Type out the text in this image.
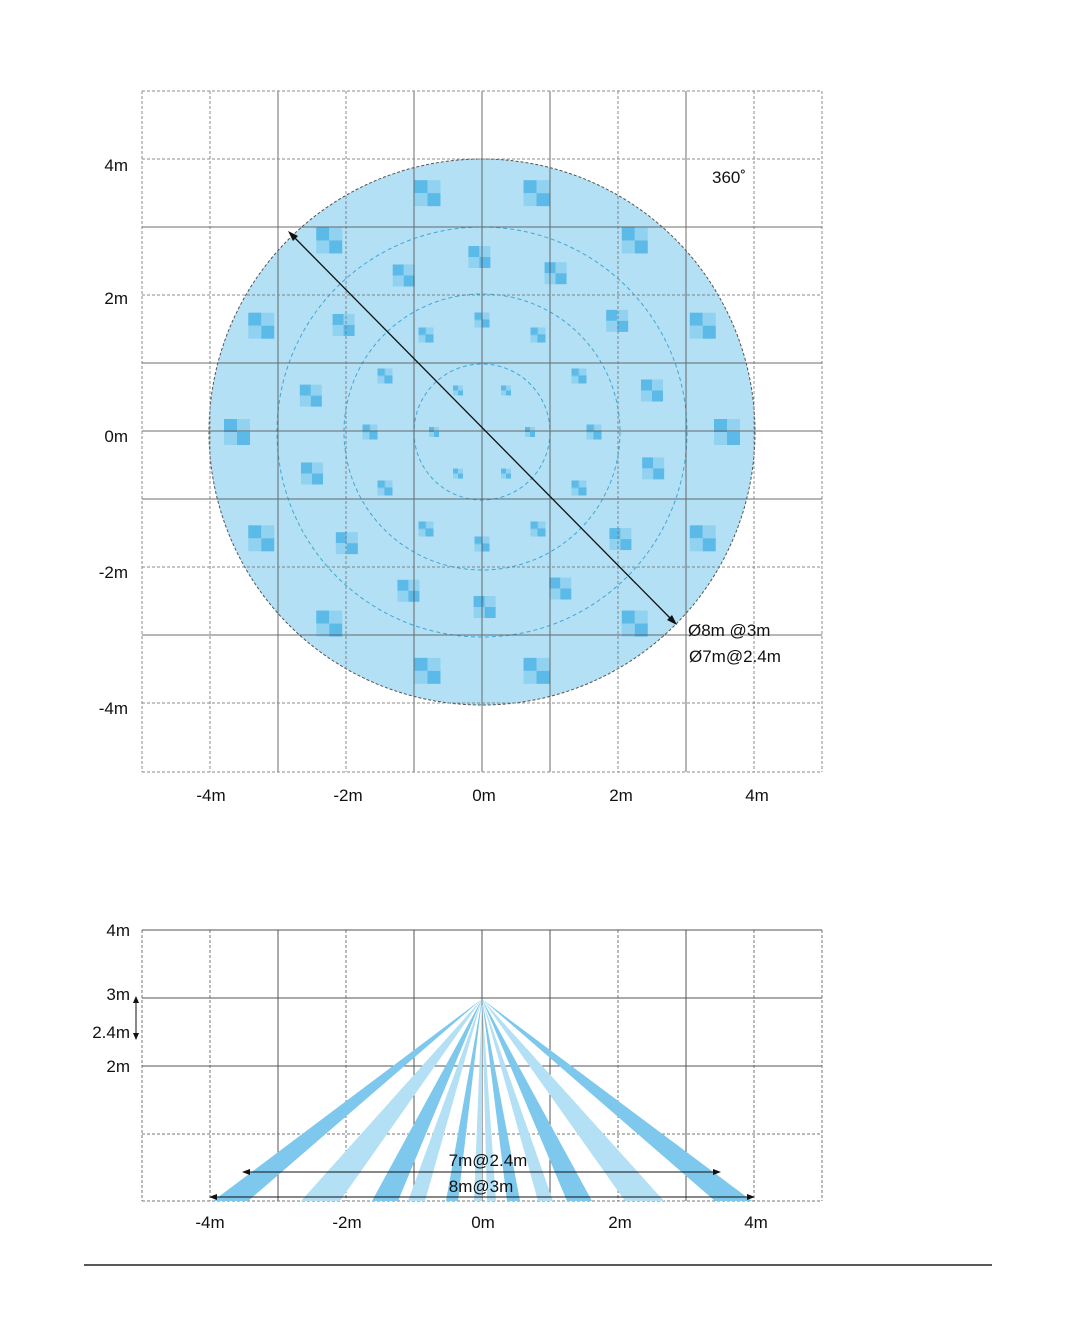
360˚
Ø8m @3m
Ø7m@2.4m
4m
2m
0m
-2m
-4m
-4m	-2m	0m	2m	4m
7m@2.4m
8m@3m
4m
3m
2.4m
2m
-4m	-2m	0m	2m	4m
